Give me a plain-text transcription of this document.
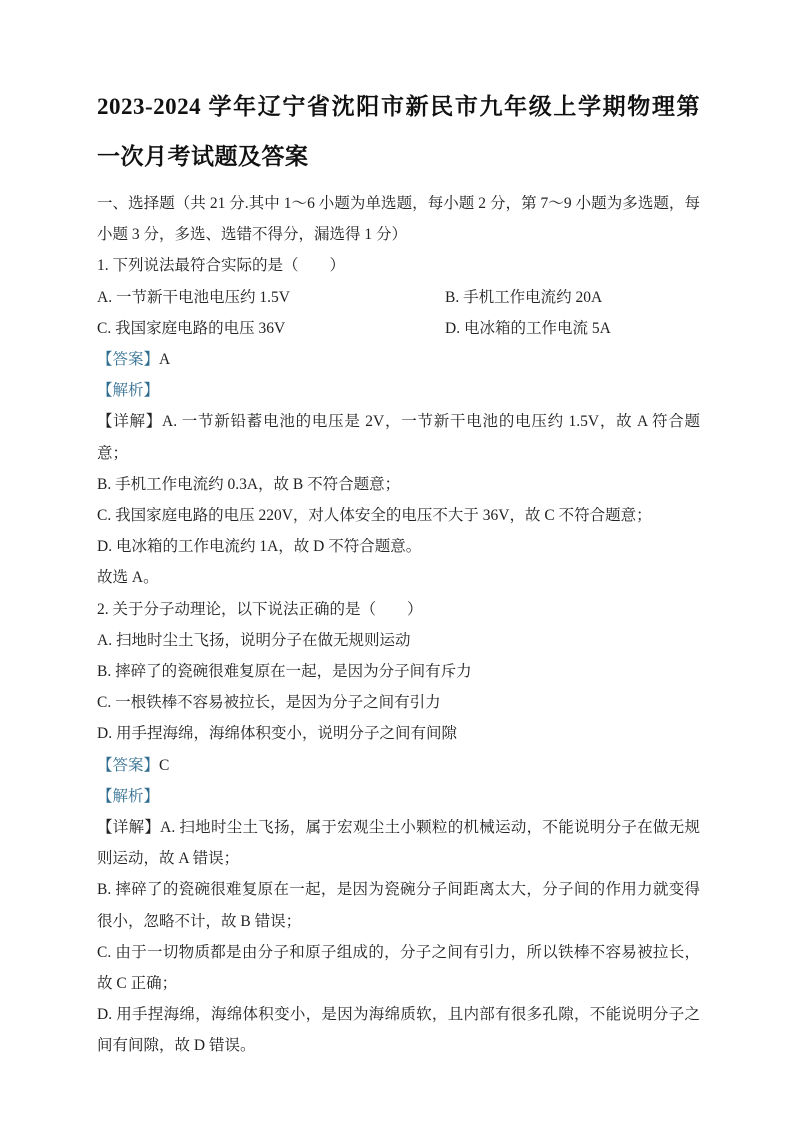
2023-2024 学年辽宁省沈阳市新民市九年级上学期物理第一次月考试题及答案

一、选择题（共 21 分.其中 1～6 小题为单选题，每小题 2 分，第 7～9 小题为多选题，每小题 3 分，多选、选错不得分，漏选得 1 分）

1. 下列说法最符合实际的是（　　）

A. 一节新干电池电压约 1.5V	B. 手机工作电流约 20A

C. 我国家庭电路的电压 36V	D. 电冰箱的工作电流 5A

【答案】A

【解析】

【详解】A. 一节新铅蓄电池的电压是 2V，一节新干电池的电压约 1.5V，故 A 符合题意；

B. 手机工作电流约 0.3A，故 B 不符合题意；

C. 我国家庭电路的电压 220V，对人体安全的电压不大于 36V，故 C 不符合题意；

D. 电冰箱的工作电流约 1A，故 D 不符合题意。

故选 A。

2. 关于分子动理论，以下说法正确的是（　　）

A. 扫地时尘土飞扬，说明分子在做无规则运动

B. 摔碎了的瓷碗很难复原在一起，是因为分子间有斥力

C. 一根铁棒不容易被拉长，是因为分子之间有引力

D. 用手捏海绵，海绵体积变小，说明分子之间有间隙

【答案】C

【解析】

【详解】A. 扫地时尘土飞扬，属于宏观尘土小颗粒的机械运动，不能说明分子在做无规则运动，故 A 错误；

B. 摔碎了的瓷碗很难复原在一起，是因为瓷碗分子间距离太大，分子间的作用力就变得很小，忽略不计，故 B 错误；

C. 由于一切物质都是由分子和原子组成的，分子之间有引力，所以铁棒不容易被拉长，故 C 正确；

D. 用手捏海绵，海绵体积变小，是因为海绵质软，且内部有很多孔隙，不能说明分子之间有间隙，故 D 错误。
